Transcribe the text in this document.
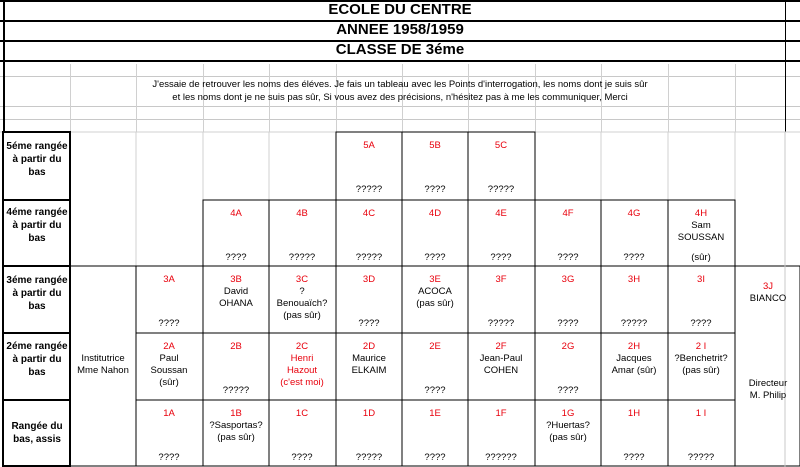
ECOLE DU CENTRE
ANNEE 1958/1959
CLASSE DE 3éme
J'essaie de retrouver les noms des éléves. Je fais un tableau avec les Points d'interrogation, les noms dont je suis sûr
et les noms dont je ne suis pas sûr, Si vous avez des précisions, n'hésitez pas à me les communiquer, Merci
5éme rangée à partir du bas
4éme rangée à partir du bas
3éme rangée à partir du bas
2éme rangée à partir du bas
Rangée du bas, assis
Institutrice Mme Nahon
3J
BIANCO
Directeur M. Philip
5A
?????
5B
????
5C
?????
4A
????
4B
?????
4C
?????
4D
????
4E
????
4F
????
4G
????
4H
Sam SOUSSAN
(sûr)
3A
????
3B
David OHANA
3C
?Benouaïch? (pas sûr)
3D
????
3E
ACOCA (pas sûr)
3F
?????
3G
????
3H
?????
3I
????
2A
Paul Soussan (sûr)
2B
?????
2C
Henri Hazout (c'est moi)
2D
Maurice ELKAIM
2E
????
2F
Jean-Paul COHEN
2G
????
2H
Jacques Amar (sûr)
2 I
?Benchetrit? (pas sûr)
1A
????
1B
?Sasportas? (pas sûr)
1C
????
1D
?????
1E
????
1F
??????
1G
?Huertas? (pas sûr)
1H
????
1 I
?????
